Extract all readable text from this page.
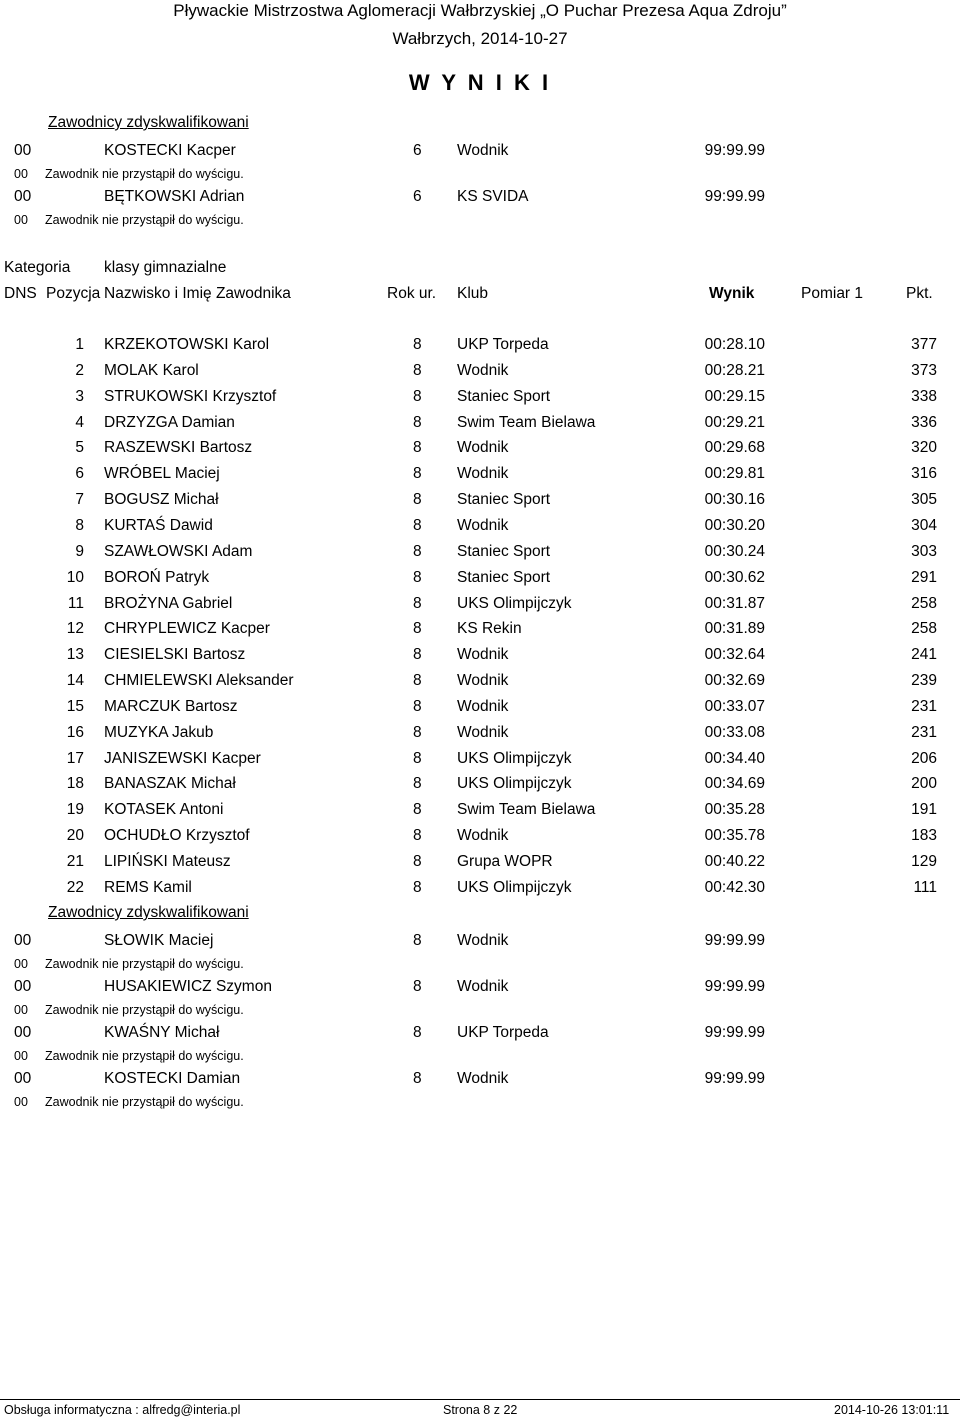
Pływackie Mistrzostwa Aglomeracji Wałbrzyskiej „O Puchar Prezesa Aqua Zdroju”
Wałbrzych, 2014-10-27
W Y N I K I
Zawodnicy zdyskwalifikowani
00	KOSTECKI Kacper	6 Wodnik	99:99.99
00 Zawodnik nie przystąpił do wyścigu.
00	BĘTKOWSKI Adrian	6 KS SVIDA	99:99.99
00 Zawodnik nie przystąpił do wyścigu.
Kategoria klasy gimnazialne
DNS Pozycja Nazwisko i Imię Zawodnika	Rok ur. Klub	Wynik	Pomiar 1	Pkt.
1 KRZEKOTOWSKI Karol	8 UKP Torpeda	00:28.10	377
2 MOLAK Karol	8 Wodnik	00:28.21	373
3 STRUKOWSKI Krzysztof	8 Staniec Sport	00:29.15	338
4 DRZYZGA Damian	8 Swim Team Bielawa	00:29.21	336
5 RASZEWSKI Bartosz	8 Wodnik	00:29.68	320
6 WRÓBEL Maciej	8 Wodnik	00:29.81	316
7 BOGUSZ Michał	8 Staniec Sport	00:30.16	305
8 KURTAŚ Dawid	8 Wodnik	00:30.20	304
9 SZAWŁOWSKI Adam	8 Staniec Sport	00:30.24	303
10 BOROŃ Patryk	8 Staniec Sport	00:30.62	291
11 BROŻYNA Gabriel	8 UKS Olimpijczyk	00:31.87	258
12 CHRYPLEWICZ Kacper	8 KS Rekin	00:31.89	258
13 CIESIELSKI Bartosz	8 Wodnik	00:32.64	241
14 CHMIELEWSKI Aleksander	8 Wodnik	00:32.69	239
15 MARCZUK Bartosz	8 Wodnik	00:33.07	231
16 MUZYKA Jakub	8 Wodnik	00:33.08	231
17 JANISZEWSKI Kacper	8 UKS Olimpijczyk	00:34.40	206
18 BANASZAK Michał	8 UKS Olimpijczyk	00:34.69	200
19 KOTASEK Antoni	8 Swim Team Bielawa	00:35.28	191
20 OCHUDŁO Krzysztof	8 Wodnik	00:35.78	183
21 LIPIŃSKI Mateusz	8 Grupa WOPR	00:40.22	129
22 REMS Kamil	8 UKS Olimpijczyk	00:42.30	111
Zawodnicy zdyskwalifikowani
00	SŁOWIK Maciej	8 Wodnik	99:99.99
00 Zawodnik nie przystąpił do wyścigu.
00	HUSAKIEWICZ Szymon	8 Wodnik	99:99.99
00 Zawodnik nie przystąpił do wyścigu.
00	KWAŚNY Michał	8 UKP Torpeda	99:99.99
00 Zawodnik nie przystąpił do wyścigu.
00	KOSTECKI Damian	8 Wodnik	99:99.99
00 Zawodnik nie przystąpił do wyścigu.
Obsługa informatyczna : alfredg@interia.pl	Strona 8 z 22	2014-10-26 13:01:11
